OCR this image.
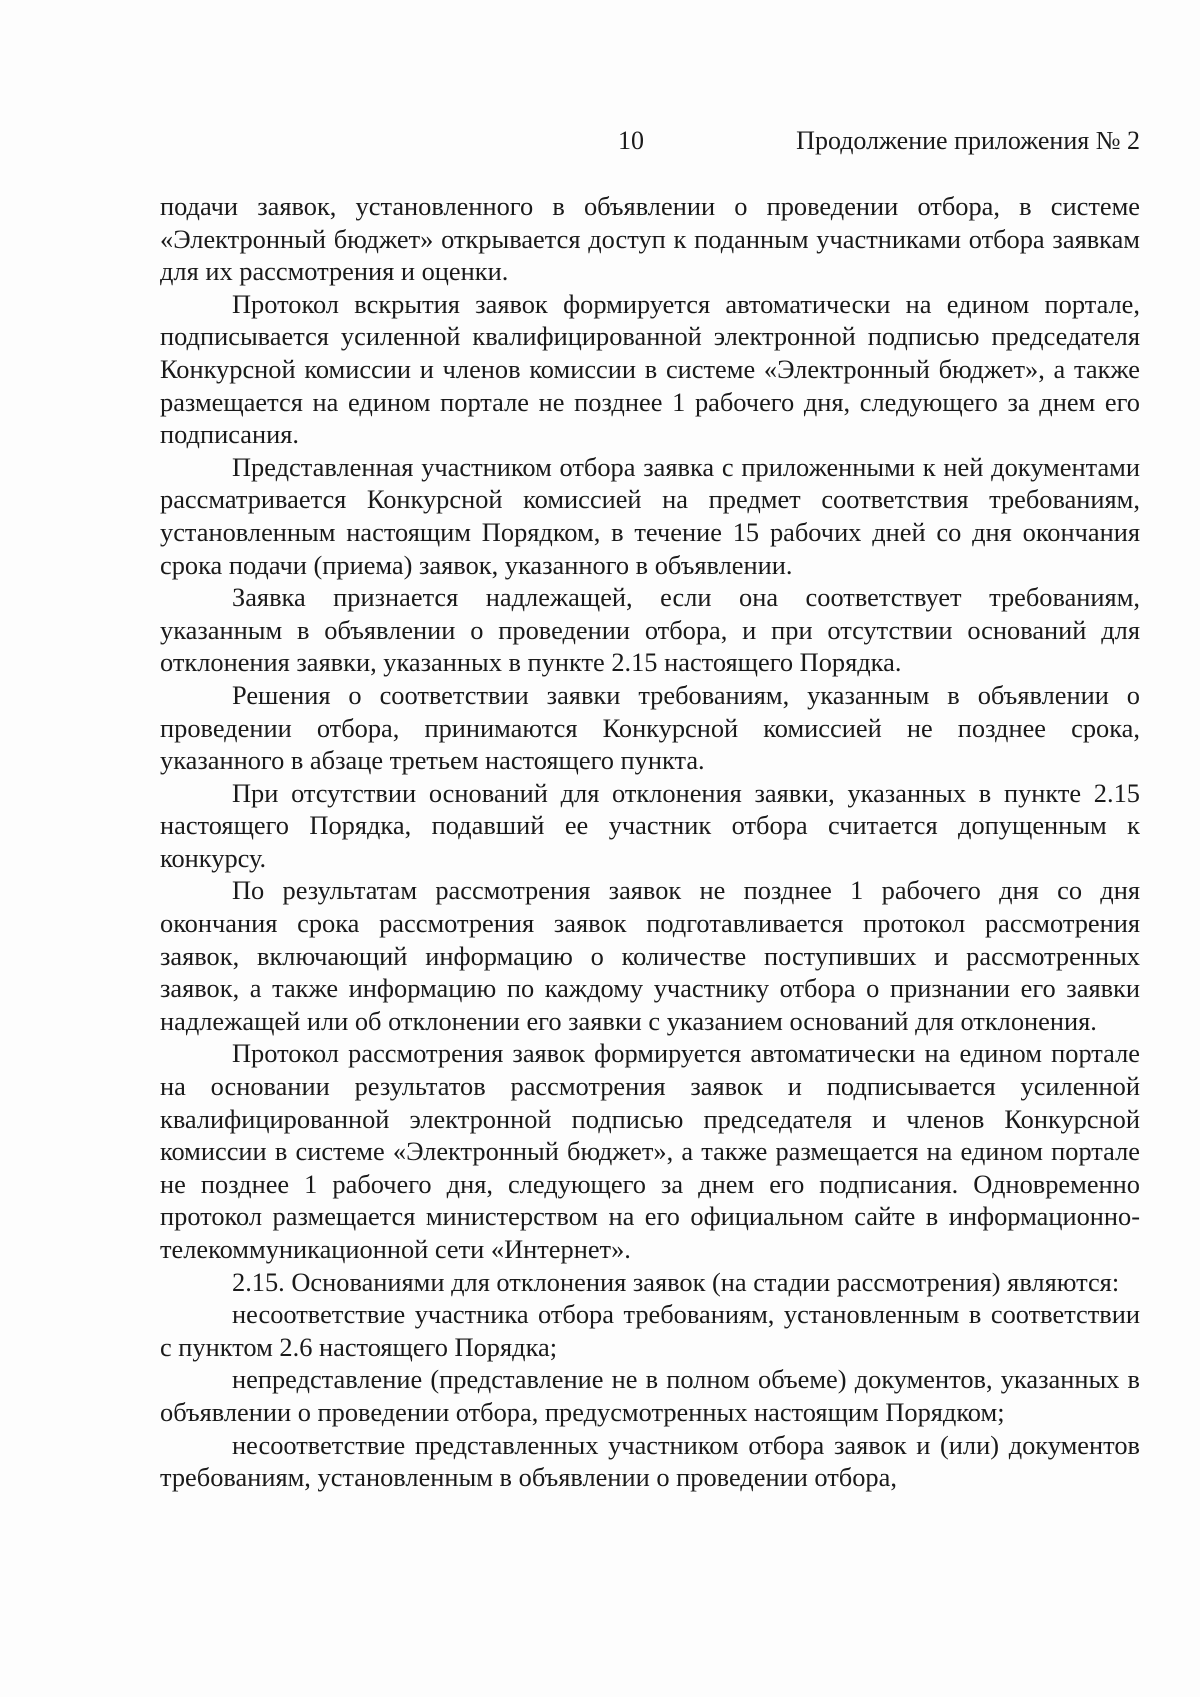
10	Продолжение приложения № 2

подачи заявок, установленного в объявлении о проведении отбора, в системе «Электронный бюджет» открывается доступ к поданным участниками отбора заявкам для их рассмотрения и оценки.

Протокол вскрытия заявок формируется автоматически на едином портале, подписывается усиленной квалифицированной электронной подписью председателя Конкурсной комиссии и членов комиссии в системе «Электронный бюджет», а также размещается на едином портале не позднее 1 рабочего дня, следующего за днем его подписания.

Представленная участником отбора заявка с приложенными к ней документами рассматривается Конкурсной комиссией на предмет соответствия требованиям, установленным настоящим Порядком, в течение 15 рабочих дней со дня окончания срока подачи (приема) заявок, указанного в объявлении.

Заявка признается надлежащей, если она соответствует требованиям, указанным в объявлении о проведении отбора, и при отсутствии оснований для отклонения заявки, указанных в пункте 2.15 настоящего Порядка.

Решения о соответствии заявки требованиям, указанным в объявлении о проведении отбора, принимаются Конкурсной комиссией не позднее срока, указанного в абзаце третьем настоящего пункта.

При отсутствии оснований для отклонения заявки, указанных в пункте 2.15 настоящего Порядка, подавший ее участник отбора считается допущенным к конкурсу.

По результатам рассмотрения заявок не позднее 1 рабочего дня со дня окончания срока рассмотрения заявок подготавливается протокол рассмотрения заявок, включающий информацию о количестве поступивших и рассмотренных заявок, а также информацию по каждому участнику отбора о признании его заявки надлежащей или об отклонении его заявки с указанием оснований для отклонения.

Протокол рассмотрения заявок формируется автоматически на едином портале на основании результатов рассмотрения заявок и подписывается усиленной квалифицированной электронной подписью председателя и членов Конкурсной комиссии в системе «Электронный бюджет», а также размещается на едином портале не позднее 1 рабочего дня, следующего за днем его подписания. Одновременно протокол размещается министерством на его официальном сайте в информационно-телекоммуникационной сети «Интернет».

2.15. Основаниями для отклонения заявок (на стадии рассмотрения) являются:

несоответствие участника отбора требованиям, установленным в соответствии с пунктом 2.6 настоящего Порядка;

непредставление (представление не в полном объеме) документов, указанных в объявлении о проведении отбора, предусмотренных настоящим Порядком;

несоответствие представленных участником отбора заявок и (или) документов требованиям, установленным в объявлении о проведении отбора,
